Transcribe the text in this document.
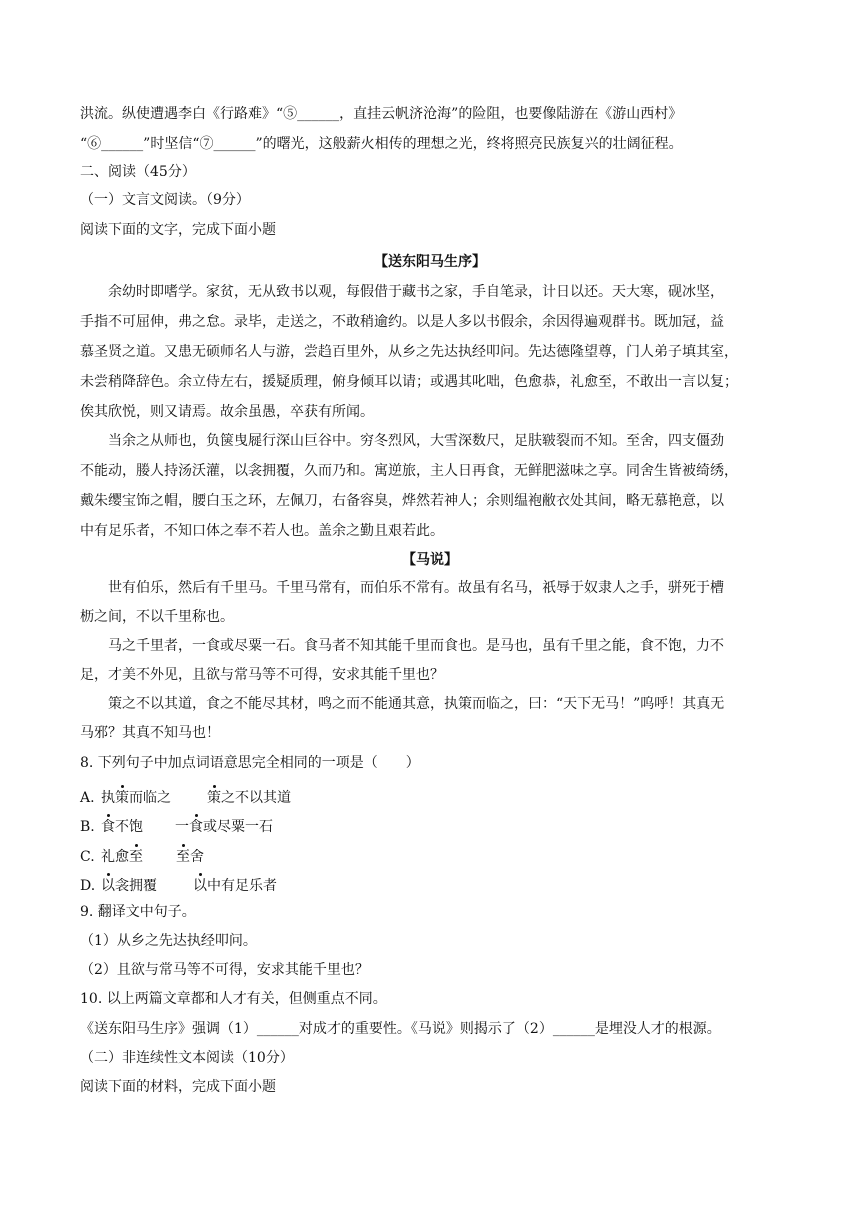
洪流。纵使遭遇李白《行路难》“⑤______，直挂云帆济沧海”的险阻，也要像陆游在《游山西村》
“⑥______”时坚信“⑦______”的曙光，这般薪火相传的理想之光，终将照亮民族复兴的壮阔征程。
二、阅读（45分）
（一）文言文阅读。（9分）
阅读下面的文字，完成下面小题
【送东阳马生序】
余幼时即嗜学。家贫，无从致书以观，每假借于藏书之家，手自笔录，计日以还。天大寒，砚冰坚，
手指不可屈伸，弗之怠。录毕，走送之，不敢稍逾约。以是人多以书假余，余因得遍观群书。既加冠，益
慕圣贤之道。又患无硕师名人与游，尝趋百里外，从乡之先达执经叩问。先达德隆望尊，门人弟子填其室，
未尝稍降辞色。余立侍左右，援疑质理，俯身倾耳以请；或遇其叱咄，色愈恭，礼愈至，不敢出一言以复；
俟其欣悦，则又请焉。故余虽愚，卒获有所闻。
当余之从师也，负箧曳屣行深山巨谷中。穷冬烈风，大雪深数尺，足肤皲裂而不知。至舍，四支僵劲
不能动，媵人持汤沃灌，以衾拥覆，久而乃和。寓逆旅，主人日再食，无鲜肥滋味之享。同舍生皆被绮绣，
戴朱缨宝饰之帽，腰白玉之环，左佩刀，右备容臭，烨然若神人；余则缊袍敝衣处其间，略无慕艳意，以
中有足乐者，不知口体之奉不若人也。盖余之勤且艰若此。
【马说】
世有伯乐，然后有千里马。千里马常有，而伯乐不常有。故虽有名马，祇辱于奴隶人之手，骈死于槽
枥之间，不以千里称也。
马之千里者，一食或尽粟一石。食马者不知其能千里而食也。是马也，虽有千里之能，食不饱，力不
足，才美不外见，且欲与常马等不可得，安求其能千里也？
策之不以其道，食之不能尽其材，鸣之而不能通其意，执策而临之，曰：“天下无马！”呜呼！其真无
马邪？其真不知马也！
8. 下列句子中加点词语意思完全相同的一项是（　　）
A. 执策而临之	策之不以其道
B. 食不饱 一食或尽粟一石
C. 礼愈至 至舍
D. 以衾拥覆	以中有足乐者
9. 翻译文中句子。
（1）从乡之先达执经叩问。
（2）且欲与常马等不可得，安求其能千里也？
10. 以上两篇文章都和人才有关，但侧重点不同。
《送东阳马生序》强调（1）______对成才的重要性。《马说》则揭示了（2）______是埋没人才的根源。
（二）非连续性文本阅读（10分）
阅读下面的材料，完成下面小题
